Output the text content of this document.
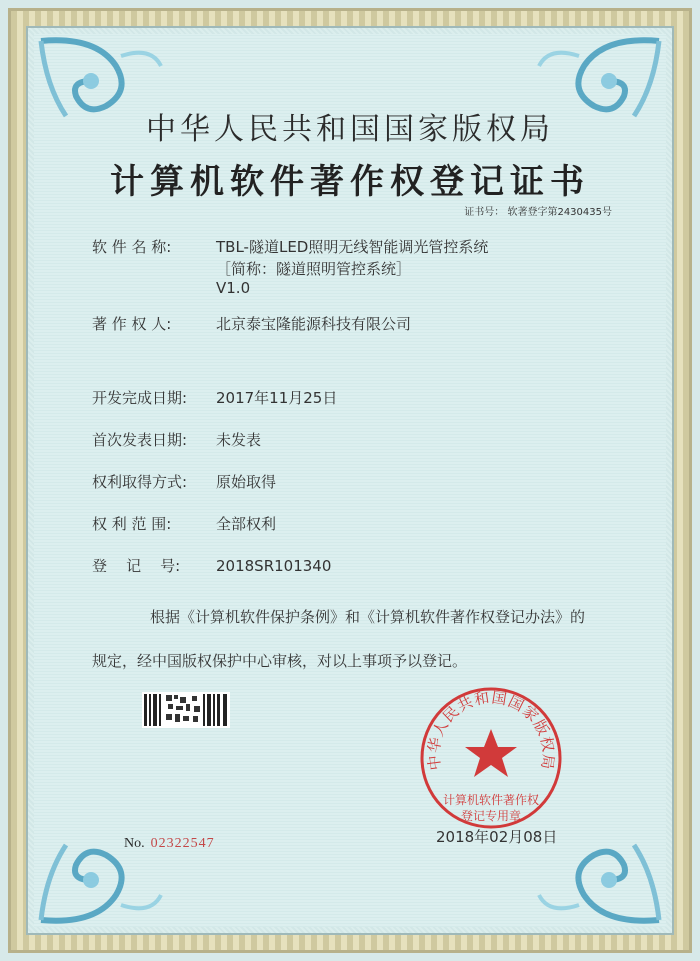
中华人民共和国国家版权局
计算机软件著作权登记证书
证书号： 软著登字第2430435号
软 件 名 称:	TBL-隧道LED照明无线智能调光管控系统
［简称：隧道照明管控系统］
V1.0
著 作 权 人:	北京泰宝隆能源科技有限公司
开发完成日期: 2017年11月25日
首次发表日期: 未发表
权利取得方式: 原始取得
权 利 范 围:	全部权利
登    记    号: 2018SR101340
根据《计算机软件保护条例》和《计算机软件著作权登记办法》的
规定，经中国版权保护中心审核，对以上事项予以登记。
No. 02322547
中华人民共和国国家版权局
计算机软件著作权
登记专用章
2018年02月08日
